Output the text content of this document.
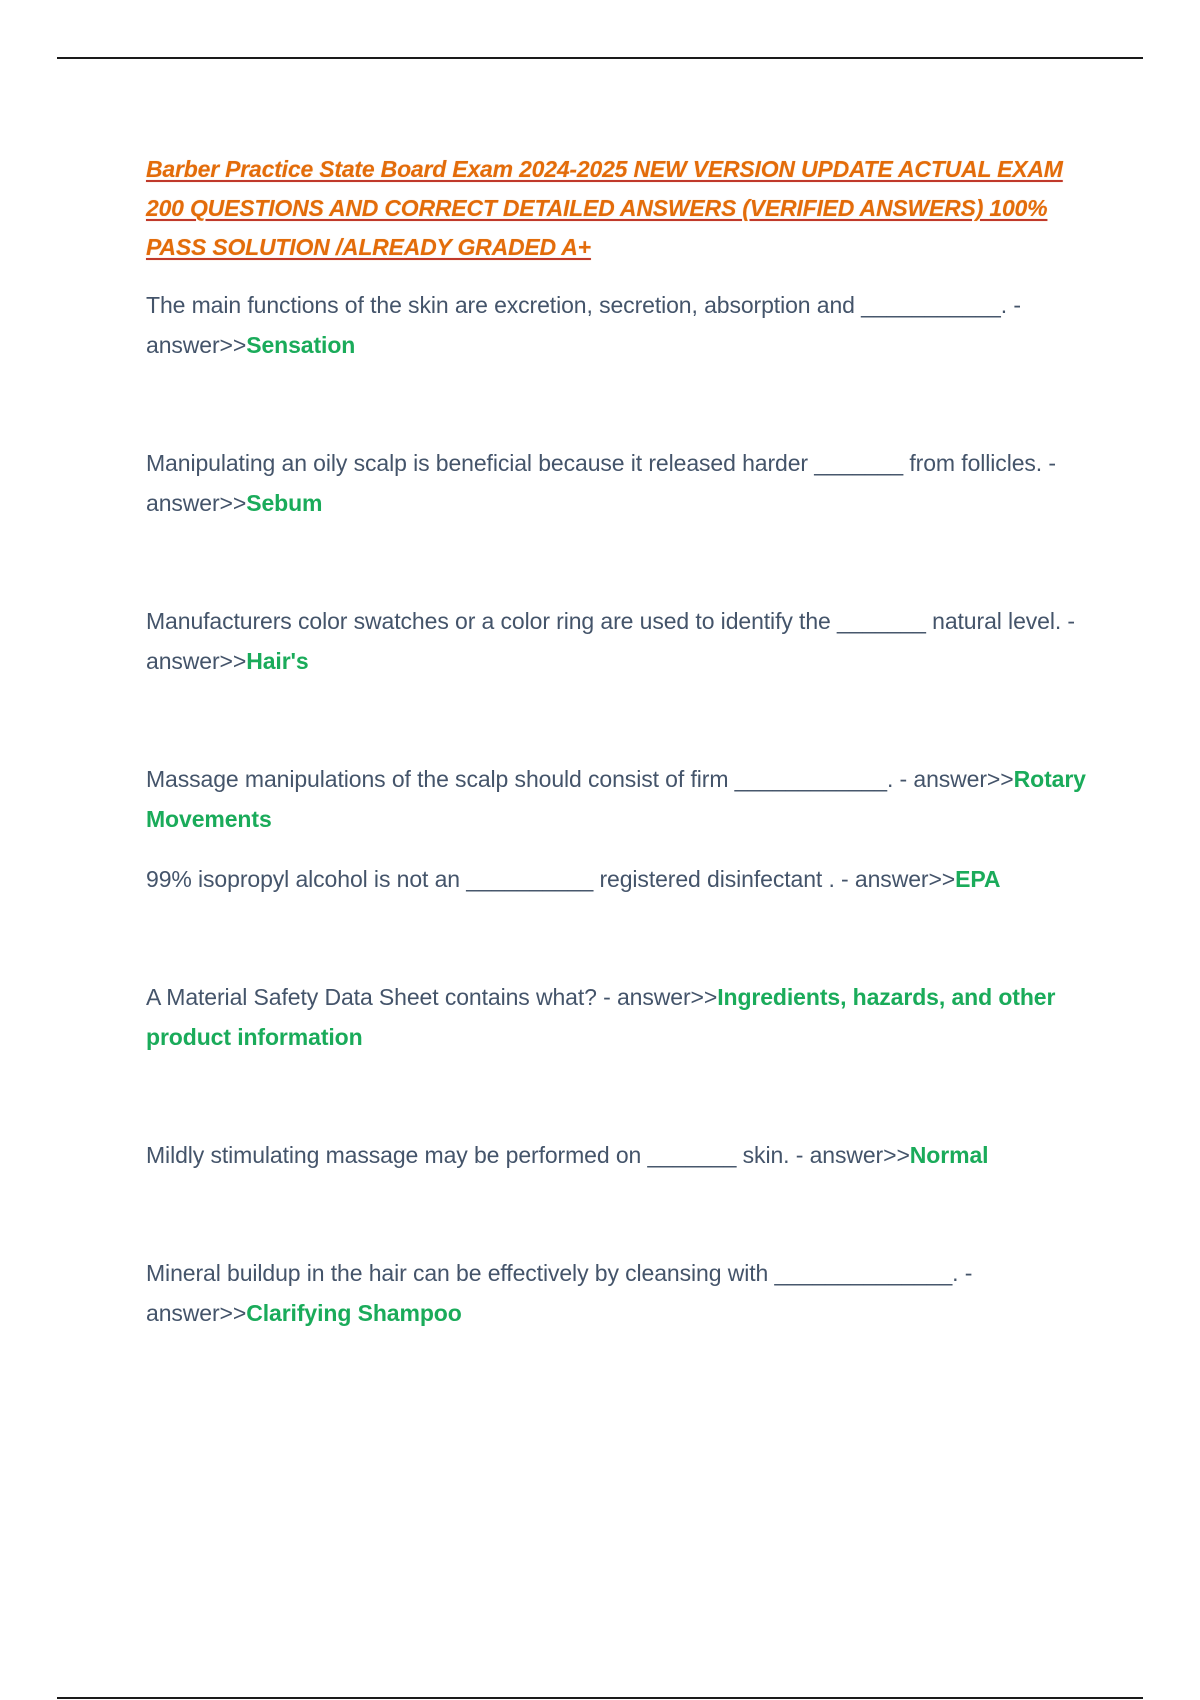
Barber Practice State Board Exam 2024-2025 NEW VERSION UPDATE ACTUAL EXAM 200 QUESTIONS AND CORRECT DETAILED ANSWERS (VERIFIED ANSWERS) 100% PASS SOLUTION /ALREADY GRADED A+

The main functions of the skin are excretion, secretion, absorption and ___________. - answer>>Sensation

Manipulating an oily scalp is beneficial because it released harder _______ from follicles. - answer>>Sebum

Manufacturers color swatches or a color ring are used to identify the _______ natural level. - answer>>Hair's

Massage manipulations of the scalp should consist of firm ____________. - answer>>Rotary Movements

99% isopropyl alcohol is not an __________ registered disinfectant . - answer>>EPA

A Material Safety Data Sheet contains what? - answer>>Ingredients, hazards, and other product information

Mildly stimulating massage may be performed on _______ skin. - answer>>Normal

Mineral buildup in the hair can be effectively by cleansing with ______________. - answer>>Clarifying Shampoo
